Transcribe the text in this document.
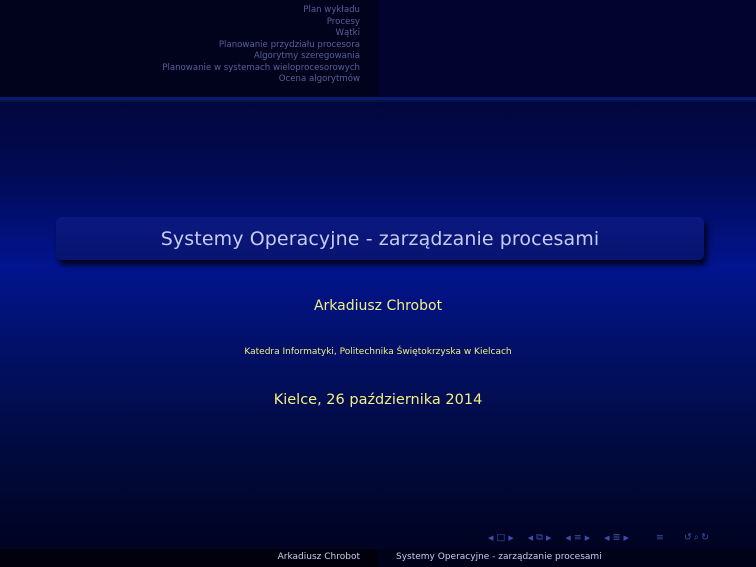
Plan wykładu
Procesy
Wątki
Planowanie przydziału procesora
Algorytmy szeregowania
Planowanie w systemach wieloprocesorowych
Ocena algorytmów
Systemy Operacyjne - zarządzanie procesami
Arkadiusz Chrobot
Katedra Informatyki, Politechnika Świętokrzyska w Kielcach
Kielce, 26 października 2014
◀ □ ▶ ◀ ⧉ ▶ ◀ ≡ ▶ ◀ ≣ ▶	≡ ↺ ⌕ ↻
Arkadiusz Chrobot	Systemy Operacyjne - zarządzanie procesami
